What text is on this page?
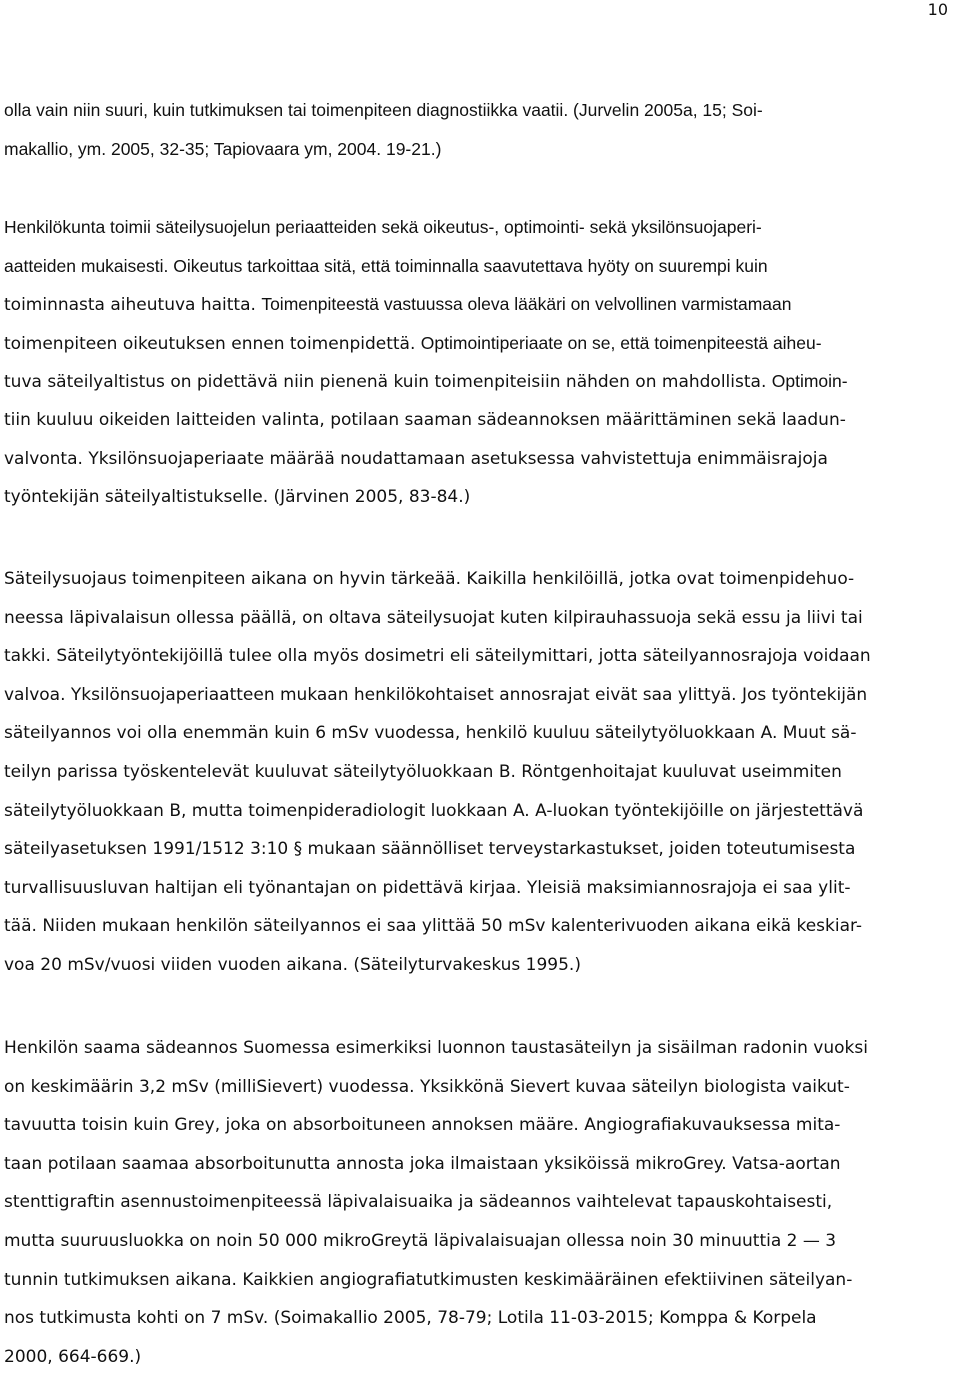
10
olla vain niin suuri, kuin tutkimuksen tai toimenpiteen diagnostiikka vaatii. (Jurvelin 2005a, 15; Soi-
makallio, ym. 2005, 32-35; Tapiovaara ym, 2004. 19-21.)
Henkilökunta toimii säteilysuojelun periaatteiden sekä oikeutus-, optimointi- sekä yksilönsuojaperi-
aatteiden mukaisesti. Oikeutus tarkoittaa sitä, että toiminnalla saavutettava hyöty on suurempi kuin
toiminnasta aiheutuva haitta. Toimenpiteestä vastuussa oleva lääkäri on velvollinen varmistamaan
toimenpiteen oikeutuksen ennen toimenpidettä. Optimointiperiaate on se, että toimenpiteestä aiheu-
tuva säteilyaltistus on pidettävä niin pienenä kuin toimenpiteisiin nähden on mahdollista. Optimoin-
tiin kuuluu oikeiden laitteiden valinta, potilaan saaman sädeannoksen määrittäminen sekä laadun-
valvonta. Yksilönsuojaperiaate määrää noudattamaan asetuksessa vahvistettuja enimmäisrajoja
työntekijän säteilyaltistukselle. (Järvinen 2005, 83-84.)
Säteilysuojaus toimenpiteen aikana on hyvin tärkeää. Kaikilla henkilöillä, jotka ovat toimenpidehuo-
neessa läpivalaisun ollessa päällä, on oltava säteilysuojat kuten kilpirauhassuoja sekä essu ja liivi tai
takki. Säteilytyöntekijöillä tulee olla myös dosimetri eli säteilymittari, jotta säteilyannosrajoja voidaan
valvoa. Yksilönsuojaperiaatteen mukaan henkilökohtaiset annosrajat eivät saa ylittyä. Jos työntekijän
säteilyannos voi olla enemmän kuin 6 mSv vuodessa, henkilö kuuluu säteilytyöluokkaan A. Muut sä-
teilyn parissa työskentelevät kuuluvat säteilytyöluokkaan B. Röntgenhoitajat kuuluvat useimmiten
säteilytyöluokkaan B, mutta toimenpideradiologit luokkaan A. A-luokan työntekijöille on järjestettävä
säteilyasetuksen 1991/1512 3:10 § mukaan säännölliset terveystarkastukset, joiden toteutumisesta
turvallisuusluvan haltijan eli työnantajan on pidettävä kirjaa. Yleisiä maksimiannosrajoja ei saa ylit-
tää. Niiden mukaan henkilön säteilyannos ei saa ylittää 50 mSv kalenterivuoden aikana eikä keskiar-
voa 20 mSv/vuosi viiden vuoden aikana. (Säteilyturvakeskus 1995.)
Henkilön saama sädeannos Suomessa esimerkiksi luonnon taustasäteilyn ja sisäilman radonin vuoksi
on keskimäärin 3,2 mSv (milliSievert) vuodessa. Yksikkönä Sievert kuvaa säteilyn biologista vaikut-
tavuutta toisin kuin Grey, joka on absorboituneen annoksen määre. Angiografiakuvauksessa mita-
taan potilaan saamaa absorboitunutta annosta joka ilmaistaan yksiköissä mikroGrey. Vatsa-aortan
stenttigraftin asennustoimenpiteessä läpivalaisuaika ja sädeannos vaihtelevat tapauskohtaisesti,
mutta suuruusluokka on noin 50 000 mikroGreytä läpivalaisuajan ollessa noin 30 minuuttia 2 — 3
tunnin tutkimuksen aikana. Kaikkien angiografiatutkimusten keskimääräinen efektiivinen säteilyan-
nos tutkimusta kohti on 7 mSv. (Soimakallio 2005, 78-79; Lotila 11-03-2015; Komppa & Korpela
2000, 664-669.)
